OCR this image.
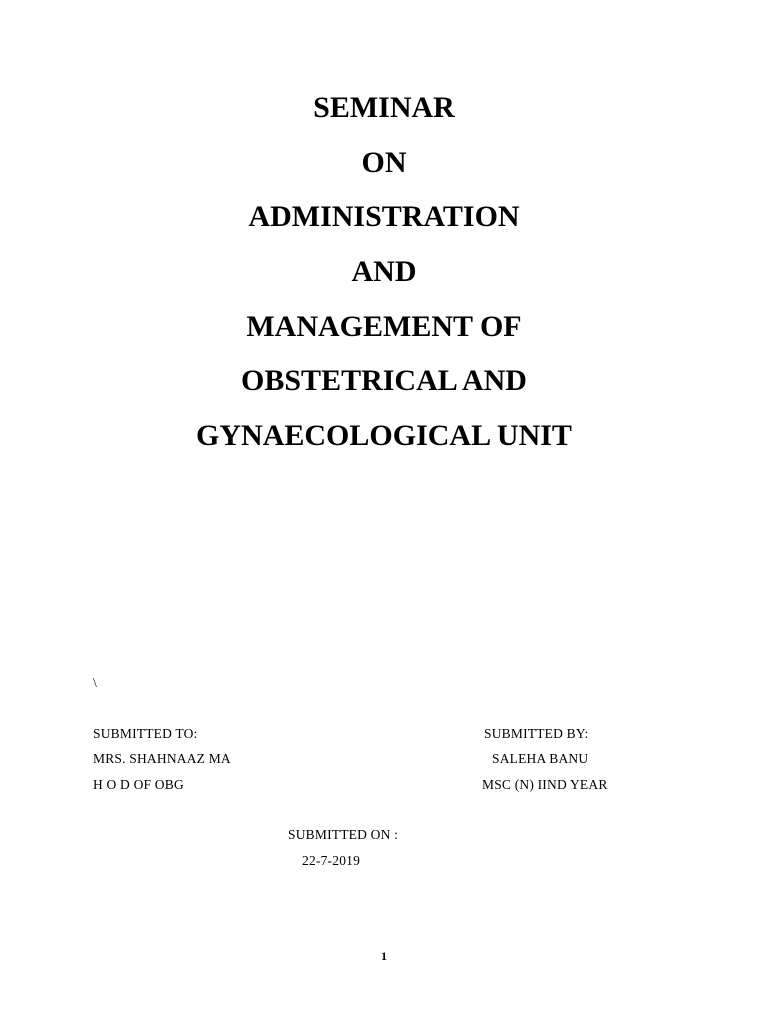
SEMINAR
ON
ADMINISTRATION
AND
MANAGEMENT OF
OBSTETRICAL AND
GYNAECOLOGICAL UNIT
\
SUBMITTED TO:
MRS. SHAHNAAZ MA
H O D OF OBG
SUBMITTED BY:
SALEHA BANU
MSC (N) IIND YEAR
SUBMITTED ON :
22-7-2019
1
